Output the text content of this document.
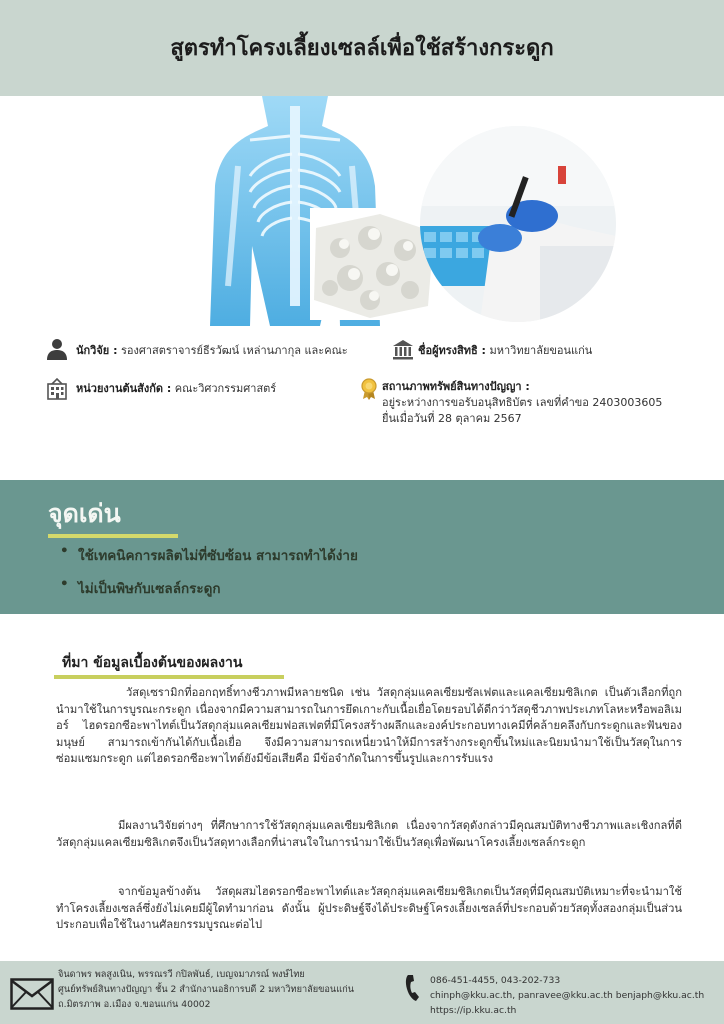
สูตรทำโครงเลี้ยงเซลล์เพื่อใช้สร้างกระดูก
นักวิจัย : รองศาสตราจารย์ธีรวัฒน์ เหล่านภากุล และคณะ	ชื่อผู้ทรงสิทธิ : มหาวิทยาลัยขอนแก่น
หน่วยงานต้นสังกัด : คณะวิศวกรรมศาสตร์	สถานภาพทรัพย์สินทางปัญญา :
อยู่ระหว่างการขอรับอนุสิทธิบัตร เลขที่คำขอ 2403003605
ยื่นเมื่อวันที่ 28 ตุลาคม 2567
จุดเด่น
• ใช้เทคนิคการผลิตไม่ที่ซับซ้อน สามารถทำได้ง่าย
• ไม่เป็นพิษกับเซลล์กระดูก
ที่มา ข้อมูลเบื้องต้นของผลงาน

วัสดุเซรามิกที่ออกฤทธิ์ทางชีวภาพมีหลายชนิด เช่น วัสดุกลุ่มแคลเซียมซัลเฟตและแคลเซียมซิลิเกต เป็นตัวเลือกที่ถูกนำมาใช้ในการบูรณะกระดูก เนื่องจากมีความสามารถในการยึดเกาะกับเนื้อเยื่อโดยรอบได้ดีกว่าวัสดุชีวภาพประเภทโลหะหรือพอลิเมอร์ ไฮดรอกซีอะพาไทต์เป็นวัสดุกลุ่มแคลเซียมฟอสเฟตที่มีโครงสร้างผลึกและองค์ประกอบทางเคมีที่คล้ายคลึงกับกระดูกและฟันของมนุษย์ สามารถเข้ากันได้กับเนื้อเยื่อ จึงมีความสามารถเหนี่ยวนำให้มีการสร้างกระดูกขึ้นใหม่และนิยมนำมาใช้เป็นวัสดุในการซ่อมแซมกระดูก แต่ไฮดรอกซีอะพาไทต์ยังมีข้อเสียคือ มีข้อจำกัดในการขึ้นรูปและการรับแรง

มีผลงานวิจัยต่างๆ ที่ศึกษาการใช้วัสดุกลุ่มแคลเซียมซิลิเกต เนื่องจากวัสดุดังกล่าวมีคุณสมบัติทางชีวภาพและเชิงกลที่ดี วัสดุกลุ่มแคลเซียมซิลิเกตจึงเป็นวัสดุทางเลือกที่น่าสนใจในการนำมาใช้เป็นวัสดุเพื่อพัฒนาโครงเลี้ยงเซลล์กระดูก

จากข้อมูลข้างต้น วัสดุผสมไฮดรอกซีอะพาไทต์และวัสดุกลุ่มแคลเซียมซิลิเกตเป็นวัสดุที่มีคุณสมบัติเหมาะที่จะนำมาใช้ทำโครงเลี้ยงเซลล์ซึ่งยังไม่เคยมีผู้ใดทำมาก่อน ดังนั้น ผู้ประดิษฐ์จึงได้ประดิษฐ์โครงเลี้ยงเซลล์ที่ประกอบด้วยวัสดุทั้งสองกลุ่มเป็นส่วนประกอบเพื่อใช้ในงานศัลยกรรมบูรณะต่อไป

จินดาพร พลสูงเนิน, พรรณรวี กปิลพันธ์, เบญจมาภรณ์ พงษ์ไทย
ศูนย์ทรัพย์สินทางปัญญา ชั้น 2 สำนักงานอธิการบดี 2 มหาวิทยาลัยขอนแก่น
ถ.มิตรภาพ อ.เมือง จ.ขอนแก่น 40002
086-451-4455, 043-202-733
chinph@kku.ac.th, panravee@kku.ac.th benjaph@kku.ac.th
https://ip.kku.ac.th
